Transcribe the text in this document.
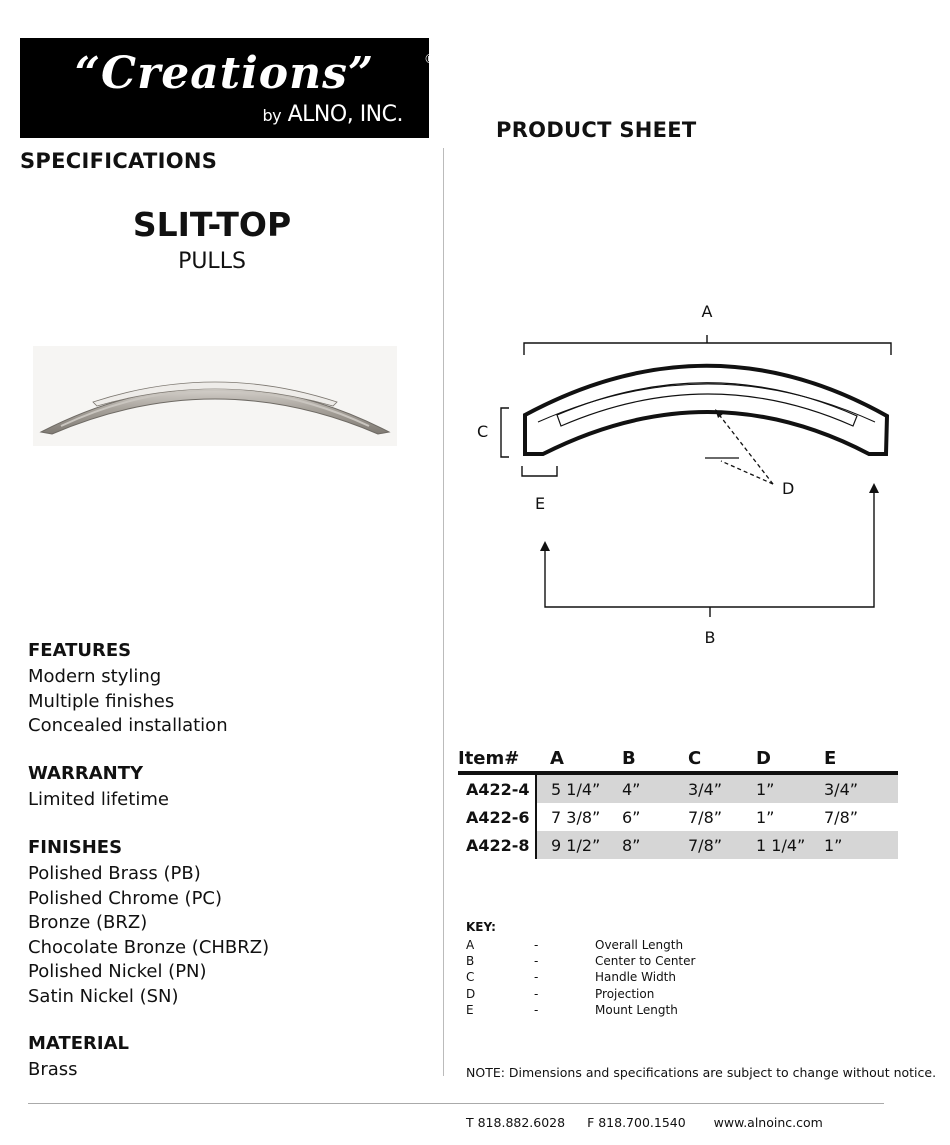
“Creations”	®
by ALNO, INC.
PRODUCT SHEET
SPECIFICATIONS
SLIT-TOP
PULLS
A
C
E
D
B
FEATURES
Modern styling
Multiple finishes
Concealed installation
WARRANTY
Limited lifetime
FINISHES
Polished Brass (PB)
Polished Chrome (PC)
Bronze (BRZ)
Chocolate Bronze (CHBRZ)
Polished Nickel (PN)
Satin Nickel (SN)
MATERIAL
Brass
Item#	A	B	C	D	E
A422-4	5 1/4”	4”	3/4”	1”	3/4”
A422-6	7 3/8”	6”	7/8”	1”	7/8”
A422-8	9 1/2”	8”	7/8”	1 1/4”	1”
KEY:
A	-	Overall Length
B	-	Center to Center
C	-	Handle Width
D	-	Projection
E	-	Mount Length
NOTE: Dimensions and specifications are subject to change without notice.
T 818.882.6028 F 818.700.1540 www.alnoinc.com
